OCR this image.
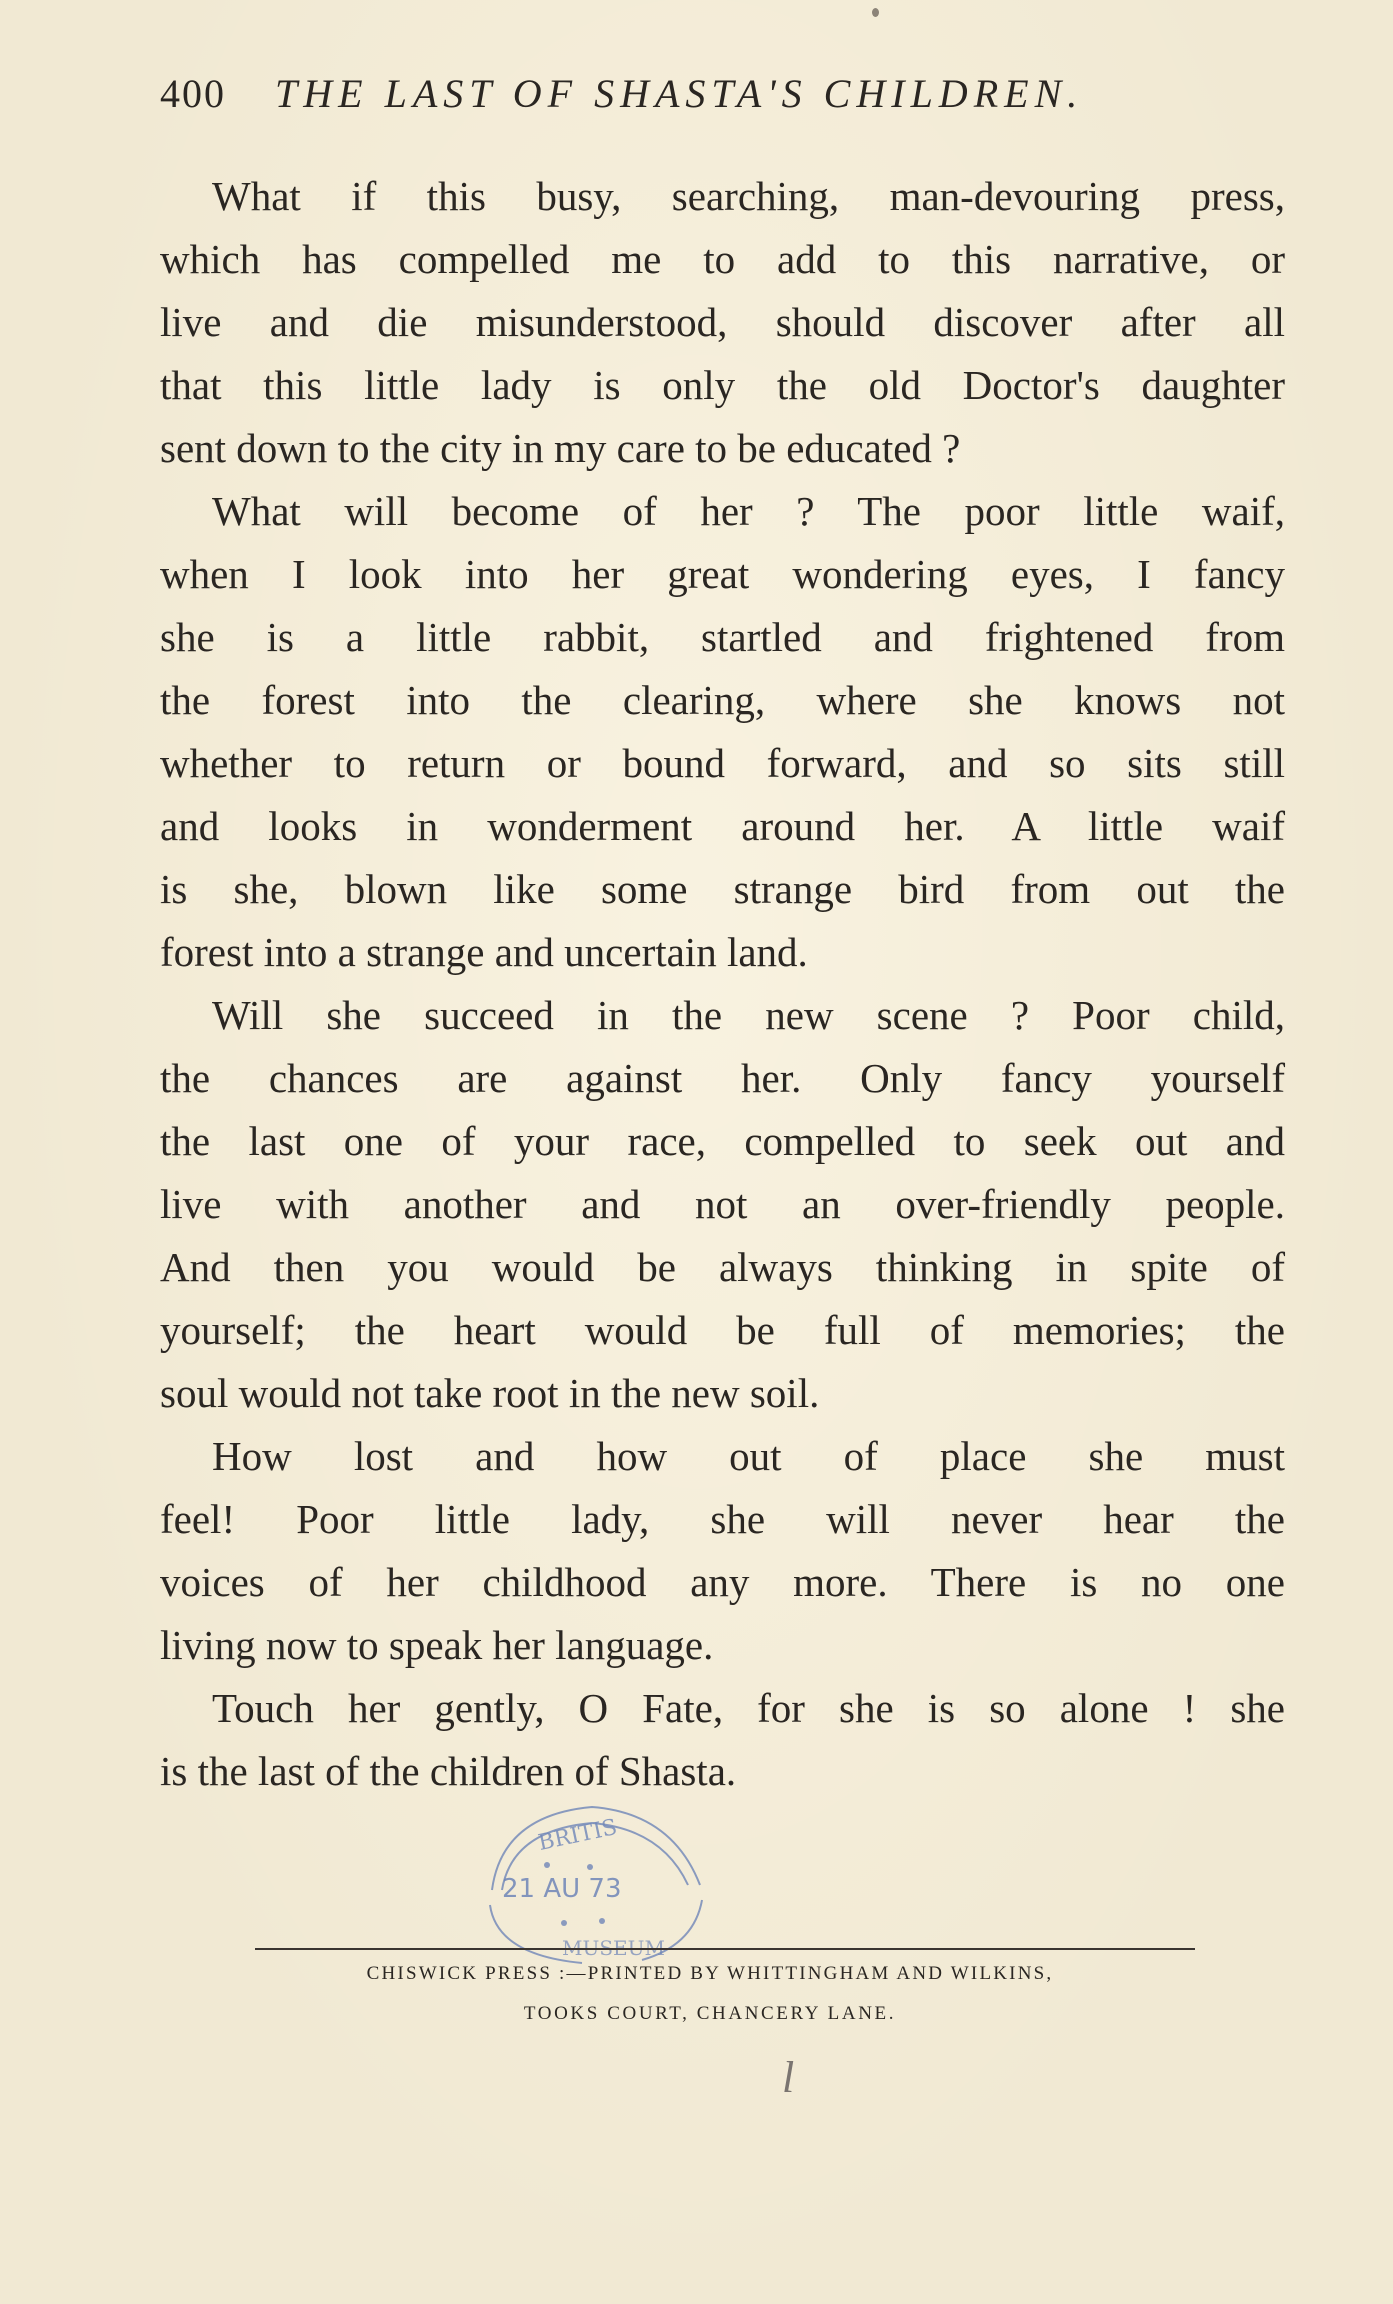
400 THE LAST OF SHASTA'S CHILDREN.
What if this busy, searching, man-devouring press,
which has compelled me to add to this narrative, or
live and die misunderstood, should discover after all
that this little lady is only the old Doctor's daughter
sent down to the city in my care to be educated ?
What will become of her ? The poor little waif,
when I look into her great wondering eyes, I fancy
she is a little rabbit, startled and frightened from
the forest into the clearing, where she knows not
whether to return or bound forward, and so sits still
and looks in wonderment around her. A little waif
is she, blown like some strange bird from out the
forest into a strange and uncertain land.
Will she succeed in the new scene ? Poor child,
the chances are against her. Only fancy yourself
the last one of your race, compelled to seek out and
live with another and not an over-friendly people.
And then you would be always thinking in spite of
yourself; the heart would be full of memories; the
soul would not take root in the new soil.
How lost and how out of place she must
feel! Poor little lady, she will never hear the
voices of her childhood any more. There is no one
living now to speak her language.
Touch her gently, O Fate, for she is so alone ! she
is the last of the children of Shasta.
BRITIS
21 AU 73
MUSEUM
CHISWICK PRESS :—PRINTED BY WHITTINGHAM AND WILKINS,
TOOKS COURT, CHANCERY LANE.
l
